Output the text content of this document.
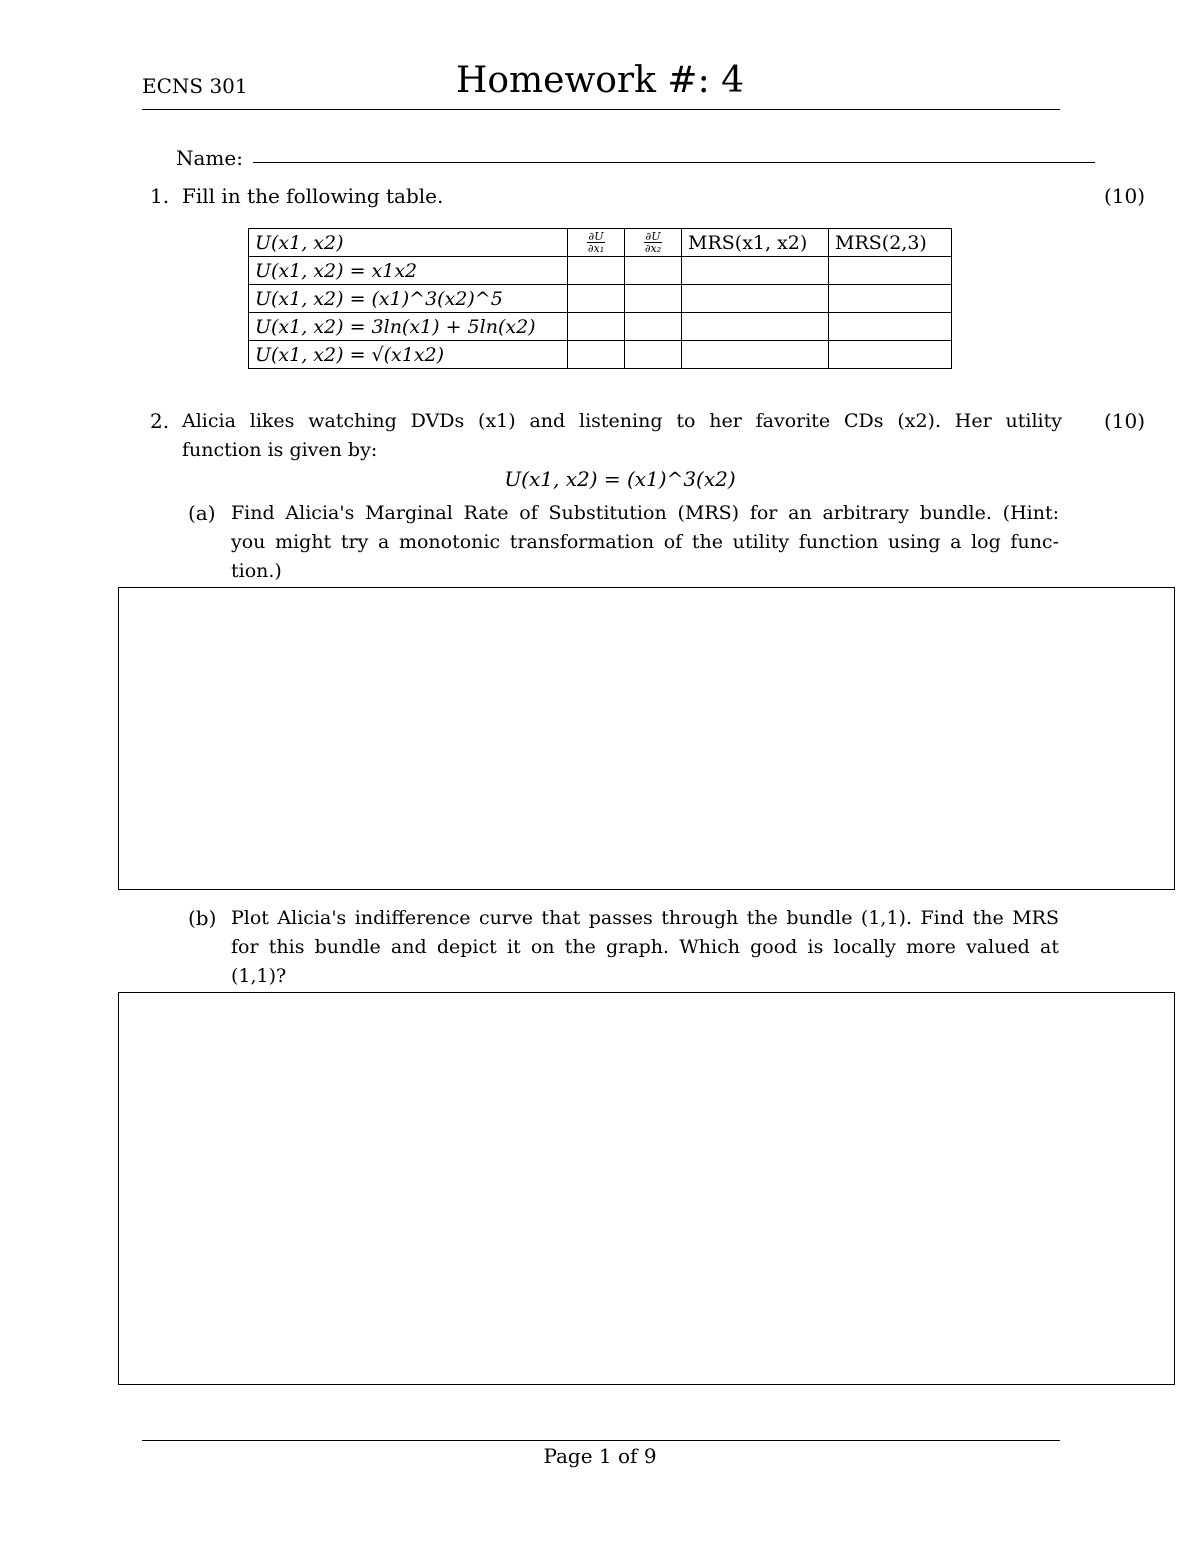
ECNS 301	Homework #: 4
Name:
1. Fill in the following table.	(10)
U(x1, x2)	$\frac{\partial U}{\text{∂x₁}}$	$\frac{\partial U}{\text{∂x₂}}$	MRS(x1, x2)	MRS(2,3)
U(x1, x2) = x1x2				
U(x1, x2) = (x1)^3(x2)^5				
U(x1, x2) = 3ln(x1) + 5ln(x2)				
U(x1, x2) = √(x1x2)				
2. Alicia likes watching DVDs (x1) and listening to her favorite CDs (x2). Her utility
function is given by:
(10)
U(x1, x2) = (x1)^3(x2)
(a) Find Alicia's Marginal Rate of Substitution (MRS) for an arbitrary bundle. (Hint:
you might try a monotonic transformation of the utility function using a log func-
tion.)
(b) Plot Alicia's indifference curve that passes through the bundle (1,1). Find the MRS
for this bundle and depict it on the graph. Which good is locally more valued at
(1,1)?
Page 1 of 9
